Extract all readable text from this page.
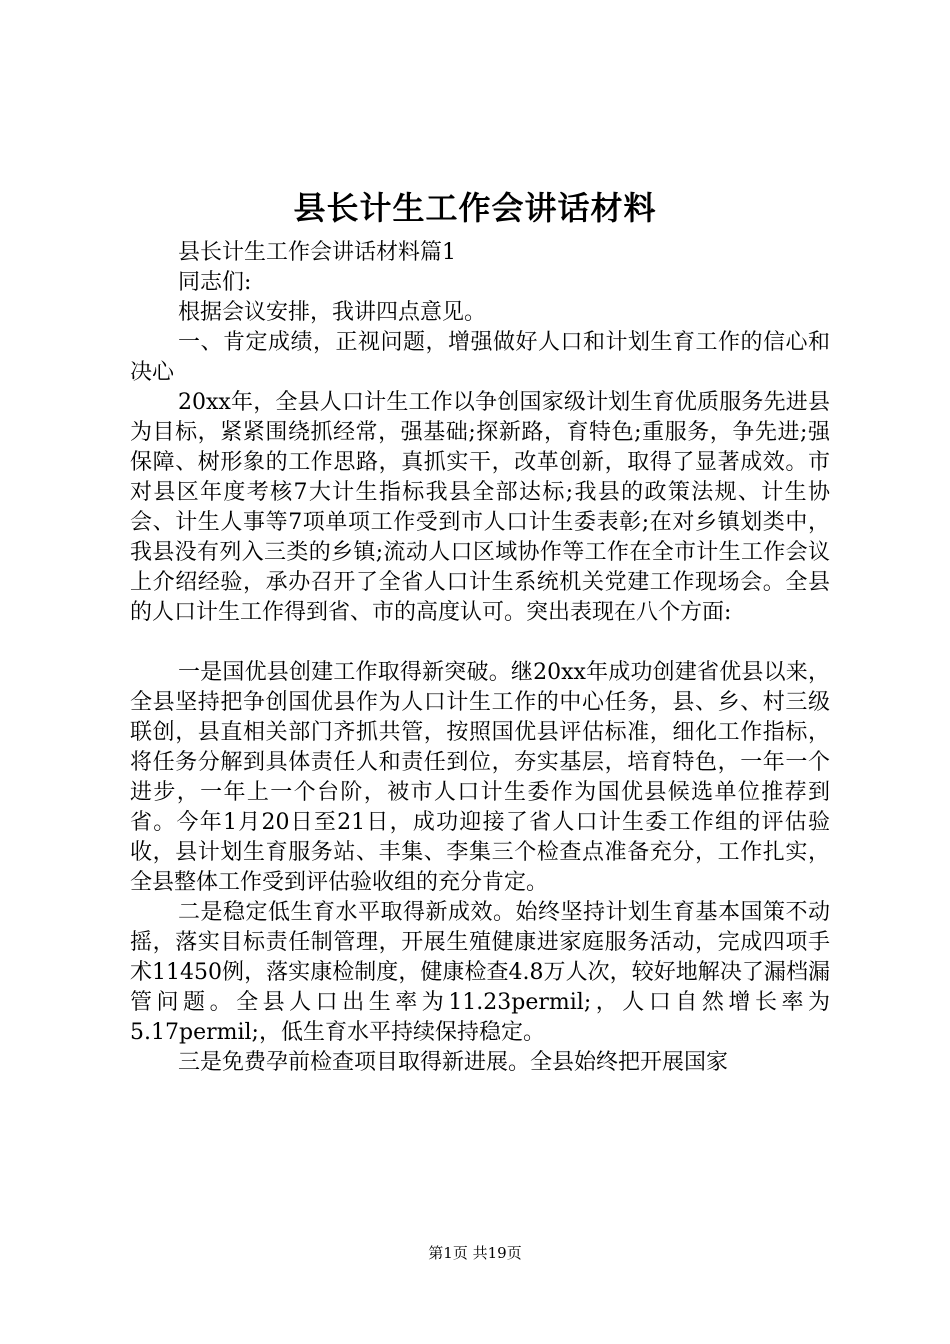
县长计生工作会讲话材料

县长计生工作会讲话材料篇1

同志们:

根据会议安排，我讲四点意见。

一、肯定成绩，正视问题，增强做好人口和计划生育工作的信心和决心

20xx年，全县人口计生工作以争创国家级计划生育优质服务先进县为目标，紧紧围绕抓经常，强基础;探新路，育特色;重服务，争先进;强保障、树形象的工作思路，真抓实干，改革创新，取得了显著成效。市对县区年度考核7大计生指标我县全部达标;我县的政策法规、计生协会、计生人事等7项单项工作受到市人口计生委表彰;在对乡镇划类中，我县没有列入三类的乡镇;流动人口区域协作等工作在全市计生工作会议上介绍经验，承办召开了全省人口计生系统机关党建工作现场会。全县的人口计生工作得到省、市的高度认可。突出表现在八个方面:

一是国优县创建工作取得新突破。继20xx年成功创建省优县以来，全县坚持把争创国优县作为人口计生工作的中心任务，县、乡、村三级联创，县直相关部门齐抓共管，按照国优县评估标准，细化工作指标，将任务分解到具体责任人和责任到位，夯实基层，培育特色，一年一个进步，一年上一个台阶，被市人口计生委作为国优县候选单位推荐到省。今年1月20日至21日，成功迎接了省人口计生委工作组的评估验收，县计划生育服务站、丰集、李集三个检查点准备充分，工作扎实，全县整体工作受到评估验收组的充分肯定。

二是稳定低生育水平取得新成效。始终坚持计划生育基本国策不动摇，落实目标责任制管理，开展生殖健康进家庭服务活动，完成四项手术11450例，落实康检制度，健康检查4.8万人次，较好地解决了漏档漏管问题。全县人口出生率为11.23permil;，人口自然增长率为5.17permil;，低生育水平持续保持稳定。

三是免费孕前检查项目取得新进展。全县始终把开展国家

第1页 共19页
